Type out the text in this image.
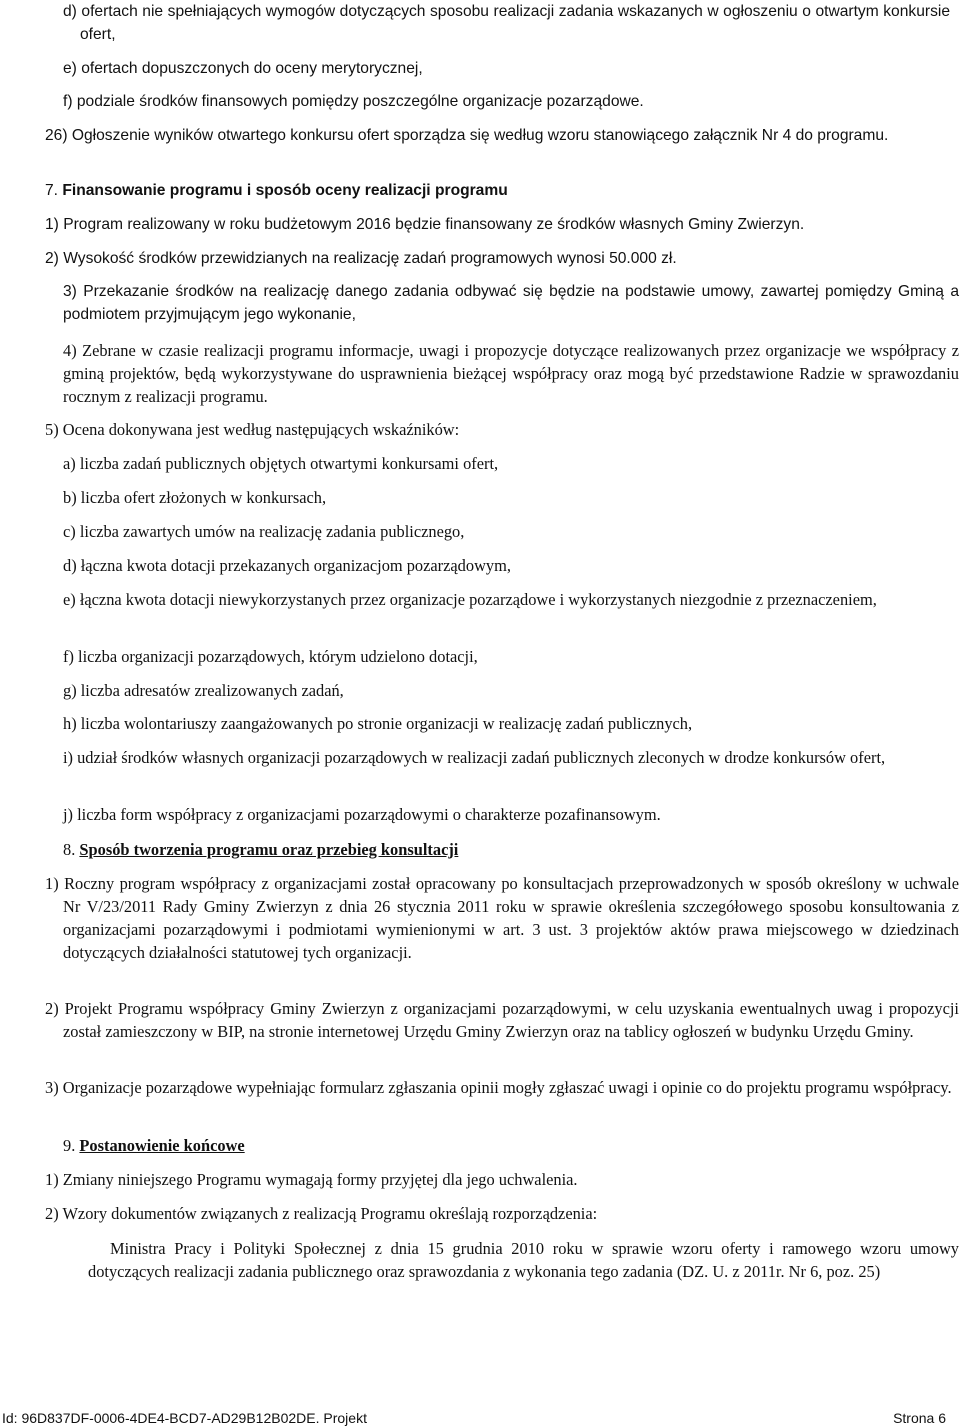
d) ofertach nie spełniających wymogów dotyczących sposobu realizacji zadania wskazanych w ogłoszeniu o otwartym konkursie ofert,

e) ofertach dopuszczonych do oceny merytorycznej,

f) podziale środków finansowych pomiędzy poszczególne organizacje pozarządowe.

26) Ogłoszenie wyników otwartego konkursu ofert sporządza się według wzoru stanowiącego załącznik Nr 4 do programu.

7. Finansowanie programu i sposób oceny realizacji programu

1) Program realizowany w roku budżetowym 2016 będzie finansowany ze środków własnych Gminy Zwierzyn.

2) Wysokość środków przewidzianych na realizację zadań programowych wynosi 50.000 zł.

3) Przekazanie środków na realizację danego zadania odbywać się będzie na podstawie umowy, zawartej pomiędzy Gminą a podmiotem przyjmującym jego wykonanie,

4) Zebrane w czasie realizacji programu informacje, uwagi i propozycje dotyczące realizowanych przez organizacje we współpracy z gminą projektów, będą wykorzystywane do usprawnienia bieżącej współpracy oraz mogą być przedstawione Radzie w sprawozdaniu rocznym z realizacji programu.

5) Ocena dokonywana jest według następujących wskaźników:

a) liczba zadań publicznych objętych otwartymi konkursami ofert,

b) liczba ofert złożonych w konkursach,

c) liczba zawartych umów na realizację zadania publicznego,

d) łączna kwota dotacji przekazanych organizacjom pozarządowym,

e) łączna kwota dotacji niewykorzystanych przez organizacje pozarządowe i wykorzystanych niezgodnie z przeznaczeniem,

f) liczba organizacji pozarządowych, którym udzielono dotacji,

g) liczba adresatów zrealizowanych zadań,

h) liczba wolontariuszy zaangażowanych po stronie organizacji w realizację zadań publicznych,

i) udział środków własnych organizacji pozarządowych w realizacji zadań publicznych zleconych w drodze konkursów ofert,

j) liczba form współpracy z organizacjami pozarządowymi o charakterze pozafinansowym.

8. Sposób tworzenia programu oraz przebieg konsultacji

1) Roczny program współpracy z organizacjami został opracowany po konsultacjach przeprowadzonych w sposób określony w uchwale Nr V/23/2011 Rady Gminy Zwierzyn z dnia 26 stycznia 2011 roku w sprawie określenia szczegółowego sposobu konsultowania z organizacjami pozarządowymi i podmiotami wymienionymi w art. 3 ust. 3 projektów aktów prawa miejscowego w dziedzinach dotyczących działalności statutowej tych organizacji.

2) Projekt Programu współpracy Gminy Zwierzyn z organizacjami pozarządowymi, w celu uzyskania ewentualnych uwag i propozycji został zamieszczony w BIP, na stronie internetowej Urzędu Gminy Zwierzyn oraz na tablicy ogłoszeń w budynku Urzędu Gminy.

3) Organizacje pozarządowe wypełniając formularz zgłaszania opinii mogły zgłaszać uwagi i opinie co do projektu programu współpracy.

9. Postanowienie końcowe

1) Zmiany niniejszego Programu wymagają formy przyjętej dla jego uchwalenia.

2) Wzory dokumentów związanych z realizacją Programu określają rozporządzenia:

Ministra Pracy i Polityki Społecznej z dnia 15 grudnia 2010 roku w sprawie wzoru oferty i ramowego wzoru umowy dotyczących realizacji zadania publicznego oraz sprawozdania z wykonania tego zadania (DZ. U. z 2011r. Nr 6, poz. 25)

Id: 96D837DF-0006-4DE4-BCD7-AD29B12B02DE. Projekt	Strona 6
